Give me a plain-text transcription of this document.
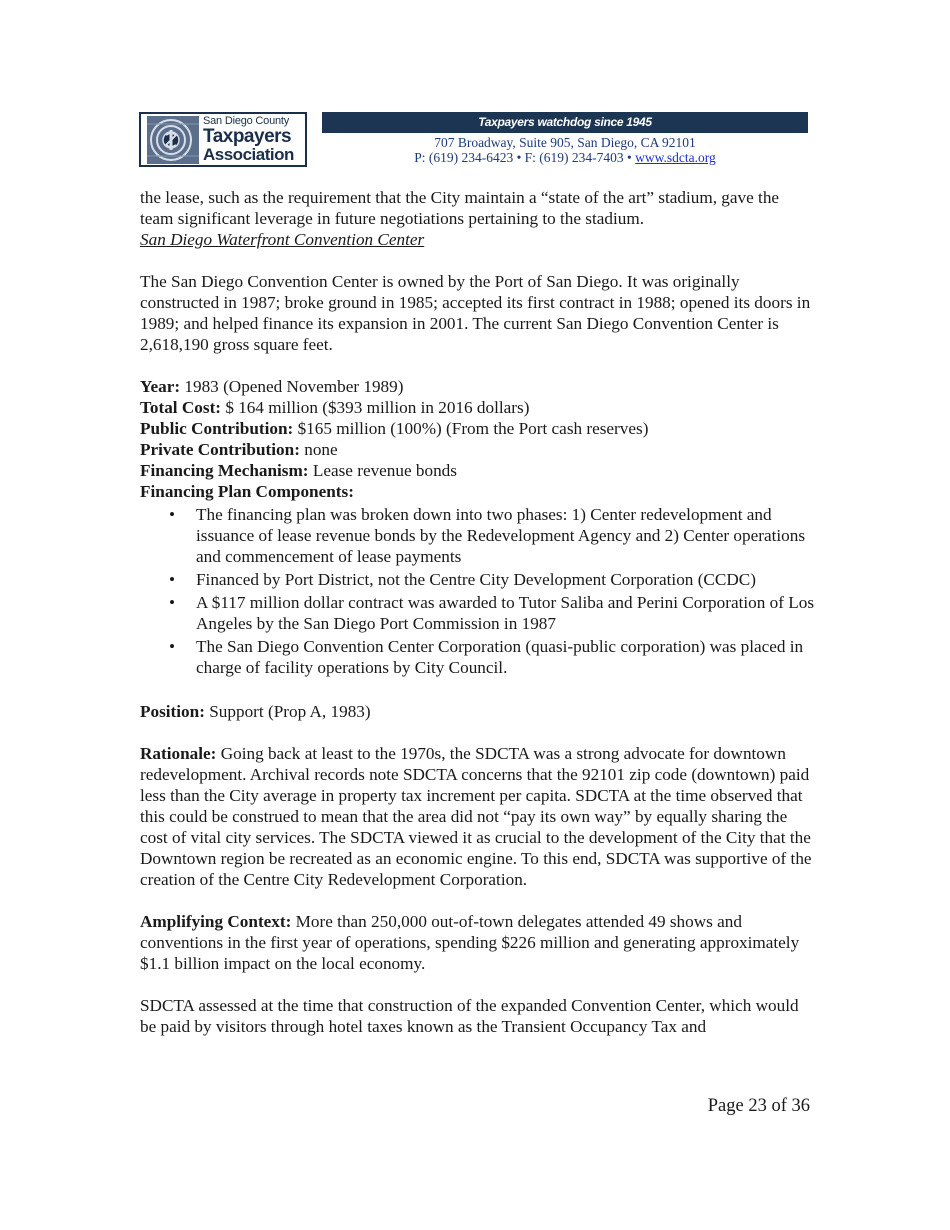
San Diego County
Taxpayers
Association
Taxpayers watchdog since 1945
707 Broadway, Suite 905, San Diego, CA 92101
P: (619) 234-6423 • F: (619) 234-7403 • www.sdcta.org

the lease, such as the requirement that the City maintain a “state of the art” stadium, gave the team significant leverage in future negotiations pertaining to the stadium.

San Diego Waterfront Convention Center

The San Diego Convention Center is owned by the Port of San Diego. It was originally constructed in 1987; broke ground in 1985; accepted its first contract in 1988; opened its doors in 1989; and helped finance its expansion in 2001. The current San Diego Convention Center is 2,618,190 gross square feet.

Year: 1983 (Opened November 1989)

Total Cost: $ 164 million ($393 million in 2016 dollars)

Public Contribution: $165 million (100%) (From the Port cash reserves)

Private Contribution: none

Financing Mechanism: Lease revenue bonds

Financing Plan Components:

• The financing plan was broken down into two phases: 1) Center redevelopment and issuance of lease revenue bonds by the Redevelopment Agency and 2) Center operations and commencement of lease payments
• Financed by Port District, not the Centre City Development Corporation (CCDC)
• A $117 million dollar contract was awarded to Tutor Saliba and Perini Corporation of Los Angeles by the San Diego Port Commission in 1987
• The San Diego Convention Center Corporation (quasi-public corporation) was placed in charge of facility operations by City Council.

Position: Support (Prop A, 1983)

Rationale: Going back at least to the 1970s, the SDCTA was a strong advocate for downtown redevelopment. Archival records note SDCTA concerns that the 92101 zip code (downtown) paid less than the City average in property tax increment per capita. SDCTA at the time observed that this could be construed to mean that the area did not “pay its own way” by equally sharing the cost of vital city services. The SDCTA viewed it as crucial to the development of the City that the Downtown region be recreated as an economic engine. To this end, SDCTA was supportive of the creation of the Centre City Redevelopment Corporation.

Amplifying Context: More than 250,000 out-of-town delegates attended 49 shows and conventions in the first year of operations, spending $226 million and generating approximately $1.1 billion impact on the local economy.

SDCTA assessed at the time that construction of the expanded Convention Center, which would be paid by visitors through hotel taxes known as the Transient Occupancy Tax and

Page 23 of 36
